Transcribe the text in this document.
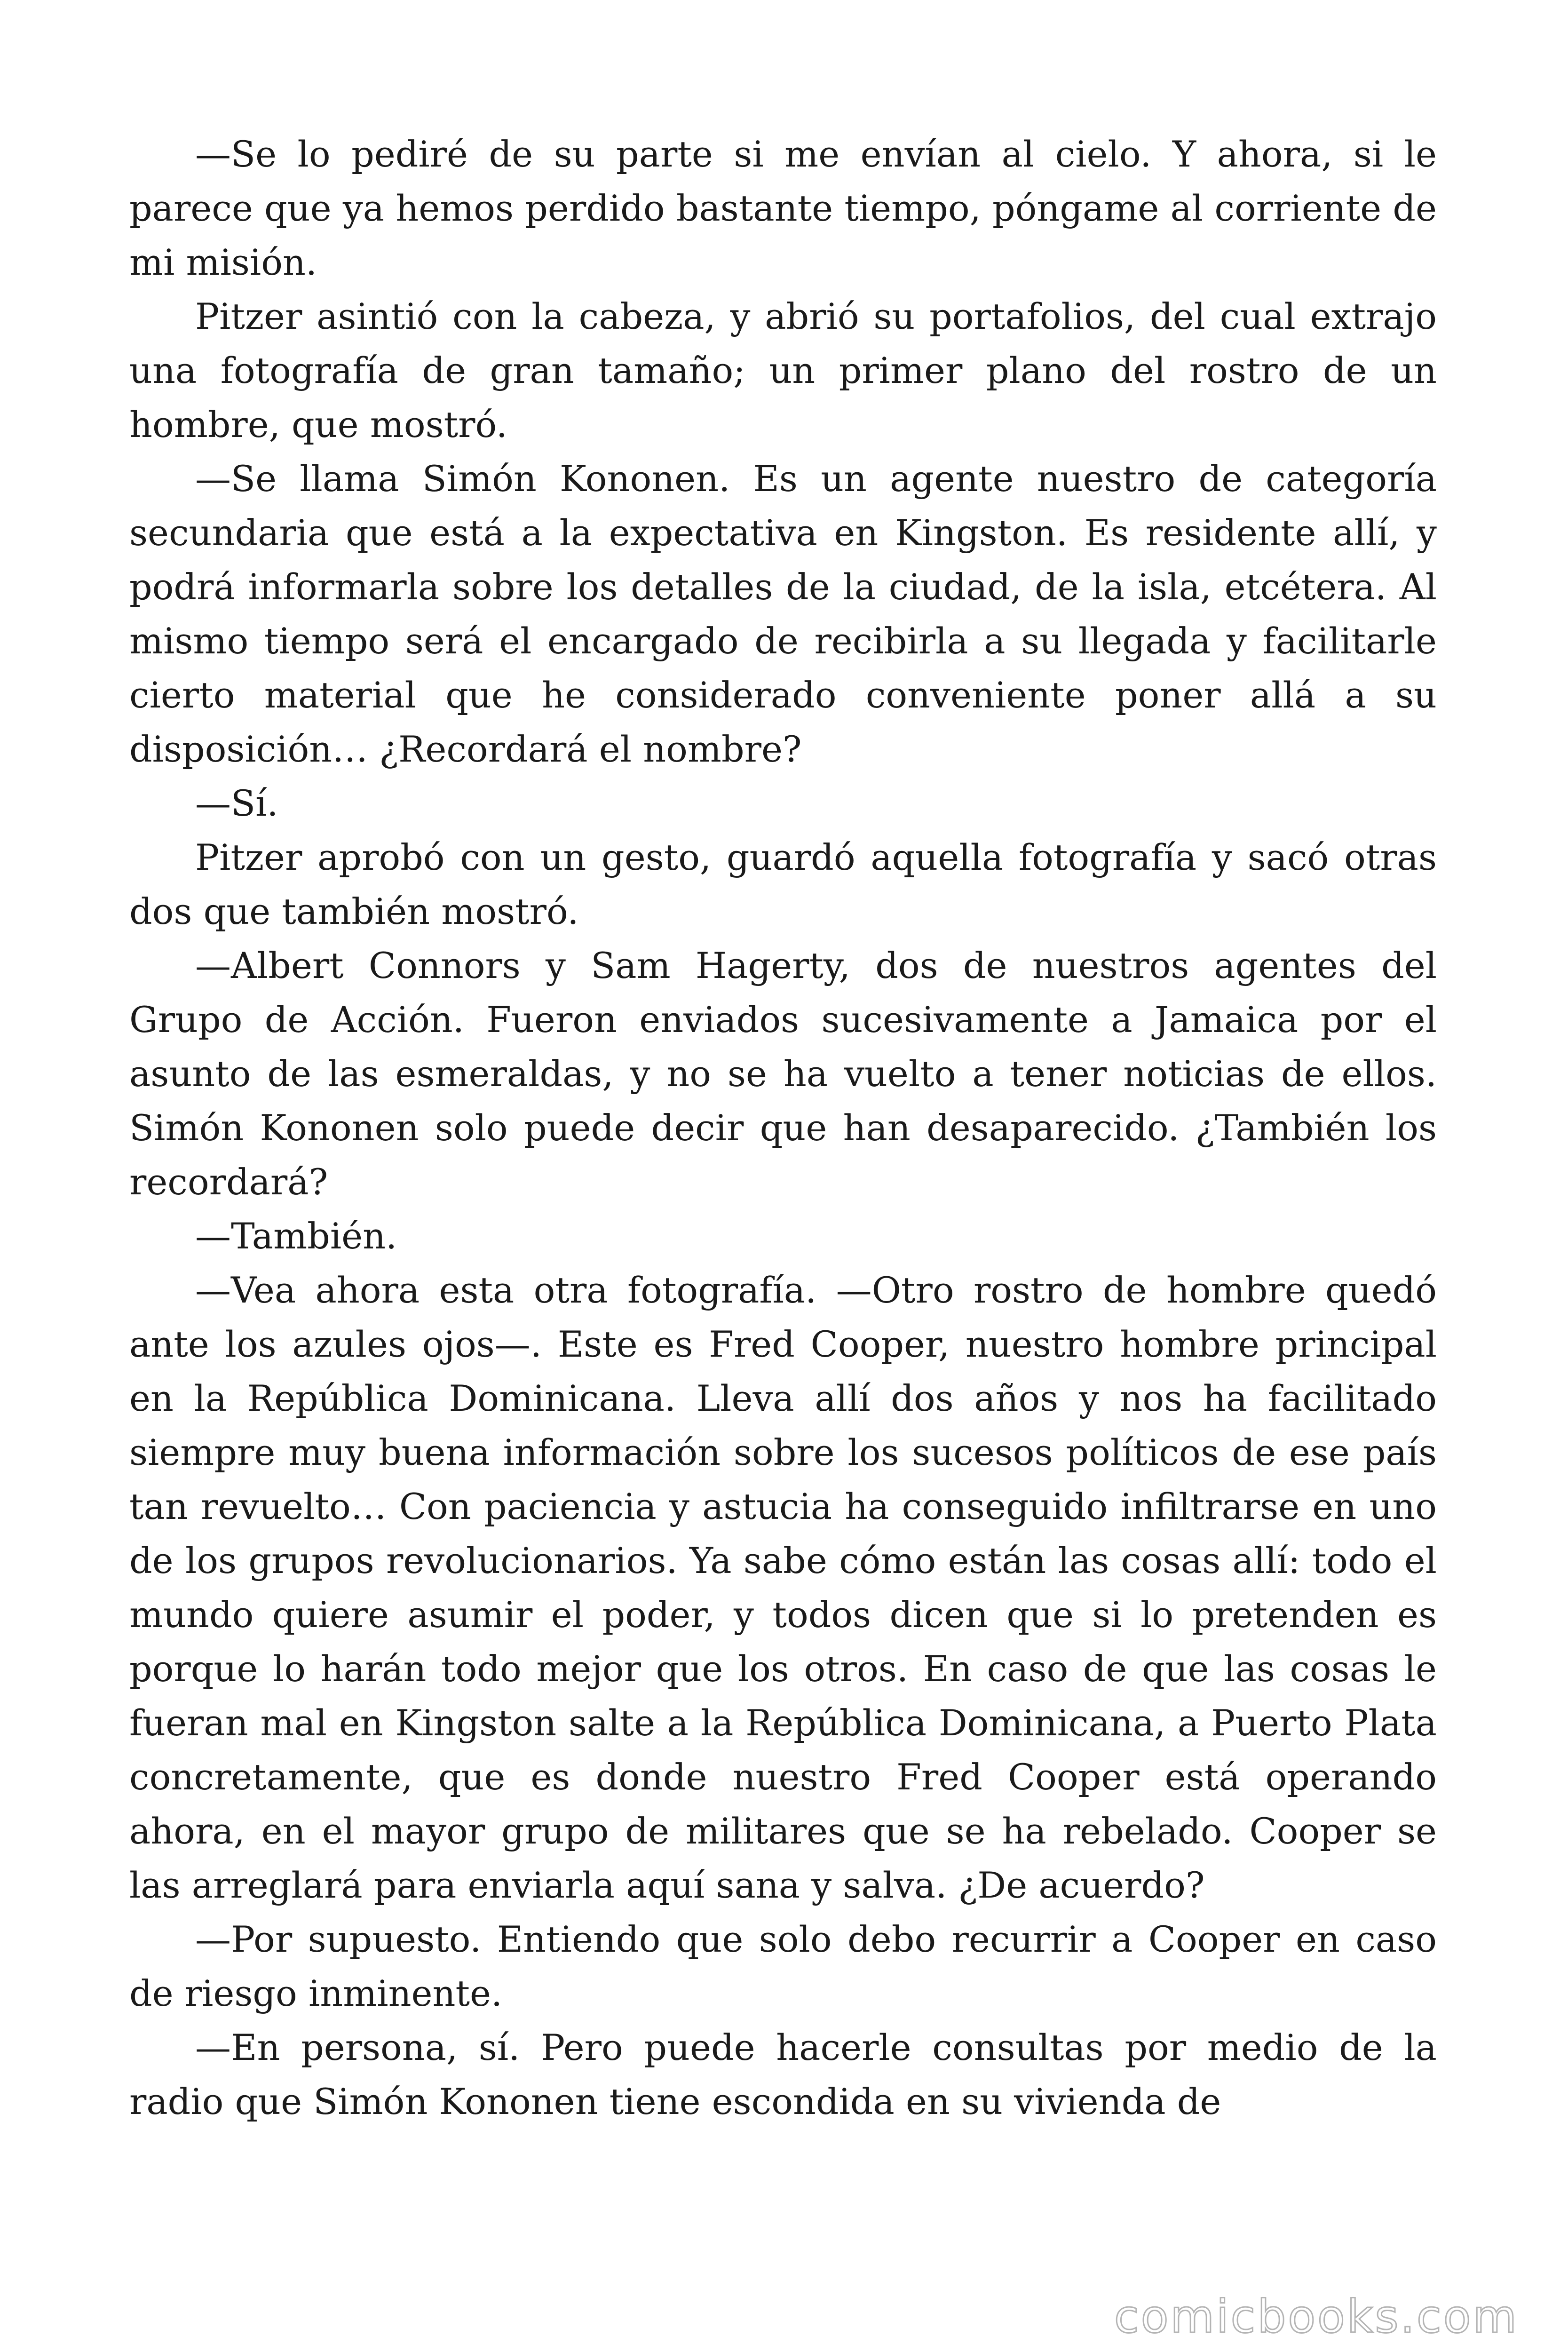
—Se lo pediré de su parte si me envían al cielo. Y ahora, si le parece que ya hemos perdido bastante tiempo, póngame al corriente de mi misión.

Pitzer asintió con la cabeza, y abrió su portafolios, del cual extrajo una fotografía de gran tamaño; un primer plano del rostro de un hombre, que mostró.

—Se llama Simón Kononen. Es un agente nuestro de categoría secundaria que está a la expectativa en Kingston. Es residente allí, y podrá informarla sobre los detalles de la ciudad, de la isla, etcétera. Al mismo tiempo será el encargado de recibirla a su llegada y facilitarle cierto material que he considerado conveniente poner allá a su disposición… ¿Recordará el nombre?

—Sí.

Pitzer aprobó con un gesto, guardó aquella fotografía y sacó otras dos que también mostró.

—Albert Connors y Sam Hagerty, dos de nuestros agentes del Grupo de Acción. Fueron enviados sucesivamente a Jamaica por el asunto de las esmeraldas, y no se ha vuelto a tener noticias de ellos. Simón Kononen solo puede decir que han desaparecido. ¿También los recordará?

—También.

—Vea ahora esta otra fotografía. —Otro rostro de hombre quedó ante los azules ojos—. Este es Fred Cooper, nuestro hombre principal en la República Dominicana. Lleva allí dos años y nos ha facilitado siempre muy buena información sobre los sucesos políticos de ese país tan revuelto… Con paciencia y astucia ha conseguido infiltrarse en uno de los grupos revolucionarios. Ya sabe cómo están las cosas allí: todo el mundo quiere asumir el poder, y todos dicen que si lo pretenden es porque lo harán todo mejor que los otros. En caso de que las cosas le fueran mal en Kingston salte a la República Dominicana, a Puerto Plata concretamente, que es donde nuestro Fred Cooper está operando ahora, en el mayor grupo de militares que se ha rebelado. Cooper se las arreglará para enviarla aquí sana y salva. ¿De acuerdo?

—Por supuesto. Entiendo que solo debo recurrir a Cooper en caso de riesgo inminente.

—En persona, sí. Pero puede hacerle consultas por medio de la radio que Simón Kononen tiene escondida en su vivienda de

comicbooks.com
